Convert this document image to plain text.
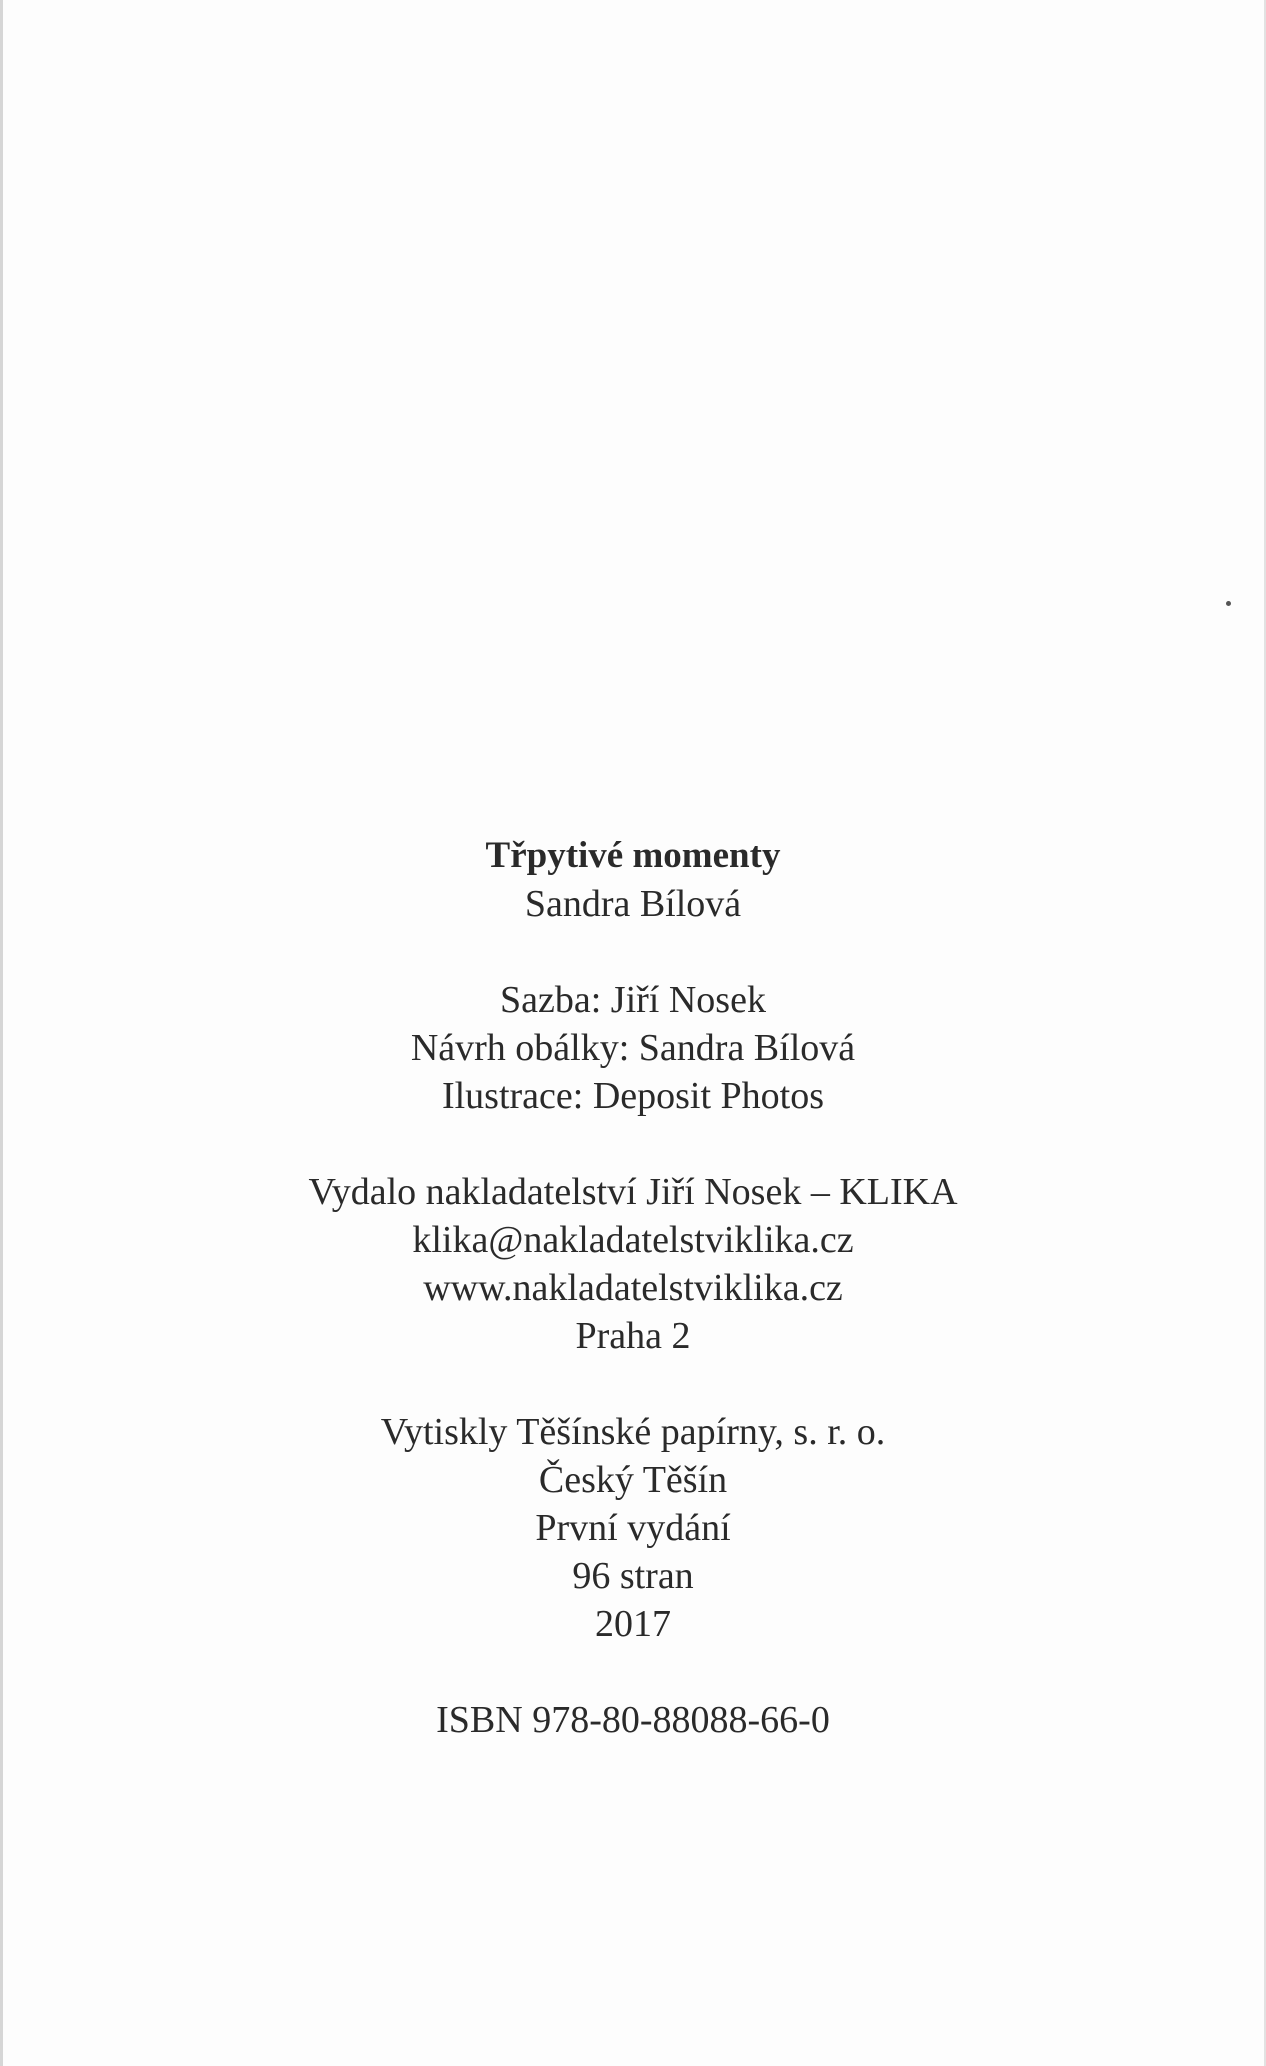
Třpytivé momenty
Sandra Bílová
Sazba: Jiří Nosek
Návrh obálky: Sandra Bílová
Ilustrace: Deposit Photos
Vydalo nakladatelství Jiří Nosek – KLIKA
klika@nakladatelstviklika.cz
www.nakladatelstviklika.cz
Praha 2
Vytiskly Těšínské papírny, s. r. o.
Český Těšín
První vydání
96 stran
2017
ISBN 978-80-88088-66-0
